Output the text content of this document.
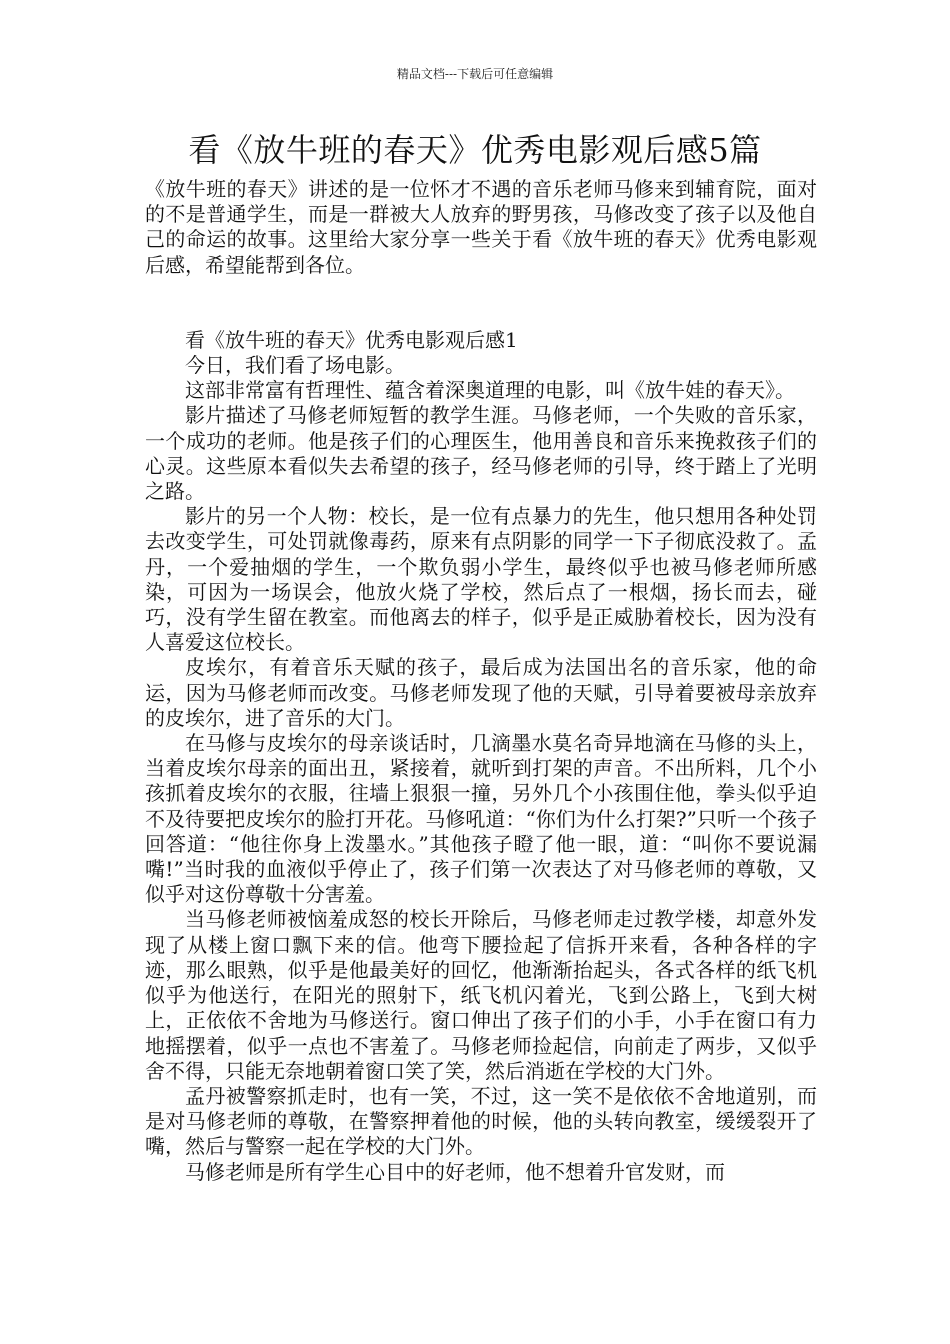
精品文档---下载后可任意编辑
看《放牛班的春天》优秀电影观后感5篇

《放牛班的春天》讲述的是一位怀才不遇的音乐老师马修来到辅育院，面对的不是普通学生，而是一群被大人放弃的野男孩，马修改变了孩子以及他自己的命运的故事。这里给大家分享一些关于看《放牛班的春天》优秀电影观后感，希望能帮到各位。

看《放牛班的春天》优秀电影观后感1

今日，我们看了场电影。

这部非常富有哲理性、蕴含着深奥道理的电影，叫《放牛娃的春天》。

影片描述了马修老师短暂的教学生涯。马修老师，一个失败的音乐家，一个成功的老师。他是孩子们的心理医生，他用善良和音乐来挽救孩子们的心灵。这些原本看似失去希望的孩子，经马修老师的引导，终于踏上了光明之路。

影片的另一个人物：校长，是一位有点暴力的先生，他只想用各种处罚去改变学生，可处罚就像毒药，原来有点阴影的同学一下子彻底没救了。孟丹，一个爱抽烟的学生，一个欺负弱小学生，最终似乎也被马修老师所感染，可因为一场误会，他放火烧了学校，然后点了一根烟，扬长而去，碰巧，没有学生留在教室。而他离去的样子，似乎是正威胁着校长，因为没有人喜爱这位校长。

皮埃尔，有着音乐天赋的孩子，最后成为法国出名的音乐家，他的命运，因为马修老师而改变。马修老师发现了他的天赋，引导着要被母亲放弃的皮埃尔，进了音乐的大门。

在马修与皮埃尔的母亲谈话时，几滴墨水莫名奇异地滴在马修的头上，当着皮埃尔母亲的面出丑，紧接着，就听到打架的声音。不出所料，几个小孩抓着皮埃尔的衣服，往墙上狠狠一撞，另外几个小孩围住他，拳头似乎迫不及待要把皮埃尔的脸打开花。马修吼道：“你们为什么打架?”只听一个孩子回答道：“他往你身上泼墨水。”其他孩子瞪了他一眼，道：“叫你不要说漏嘴!”当时我的血液似乎停止了，孩子们第一次表达了对马修老师的尊敬，又似乎对这份尊敬十分害羞。

当马修老师被恼羞成怒的校长开除后，马修老师走过教学楼，却意外发现了从楼上窗口飘下来的信。他弯下腰捡起了信拆开来看，各种各样的字迹，那么眼熟，似乎是他最美好的回忆，他渐渐抬起头，各式各样的纸飞机似乎为他送行，在阳光的照射下，纸飞机闪着光，飞到公路上，飞到大树上，正依依不舍地为马修送行。窗口伸出了孩子们的小手，小手在窗口有力地摇摆着，似乎一点也不害羞了。马修老师捡起信，向前走了两步，又似乎舍不得，只能无奈地朝着窗口笑了笑，然后消逝在学校的大门外。

孟丹被警察抓走时，也有一笑，不过，这一笑不是依依不舍地道别，而是对马修老师的尊敬，在警察押着他的时候，他的头转向教室，缓缓裂开了嘴，然后与警察一起在学校的大门外。

马修老师是所有学生心目中的好老师，他不想着升官发财，而
